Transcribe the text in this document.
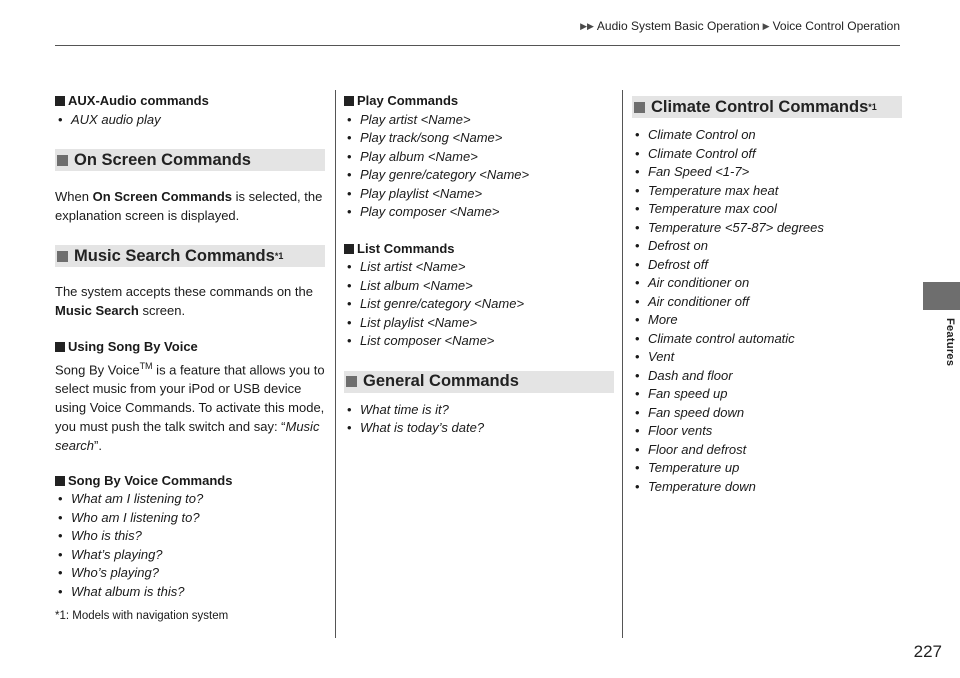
▶▶ Audio System Basic Operation ▶ Voice Control Operation
Features
227
AUX-Audio commands
• AUX audio play
On Screen Commands

When On Screen Commands is selected, the explanation screen is displayed.

Music Search Commands *1

The system accepts these commands on the Music Search screen.

Using Song By Voice

Song By Voice™ is a feature that allows you to select music from your iPod or USB device using Voice Commands. To activate this mode, you must push the talk switch and say: “Music search”.

Song By Voice Commands
• What am I listening to?
• Who am I listening to?
• Who is this?
• What’s playing?
• Who’s playing?
• What album is this?
*1: Models with navigation system
Play Commands
• Play artist <Name>
• Play track/song <Name>
• Play album <Name>
• Play genre/category <Name>
• Play playlist <Name>
• Play composer <Name>
List Commands
• List artist <Name>
• List album <Name>
• List genre/category <Name>
• List playlist <Name>
• List composer <Name>
General Commands
• What time is it?
• What is today’s date?
Climate Control Commands *1
• Climate Control on
• Climate Control off
• Fan Speed <1-7>
• Temperature max heat
• Temperature max cool
• Temperature <57-87> degrees
• Defrost on
• Defrost off
• Air conditioner on
• Air conditioner off
• More
• Climate control automatic
• Vent
• Dash and floor
• Fan speed up
• Fan speed down
• Floor vents
• Floor and defrost
• Temperature up
• Temperature down
